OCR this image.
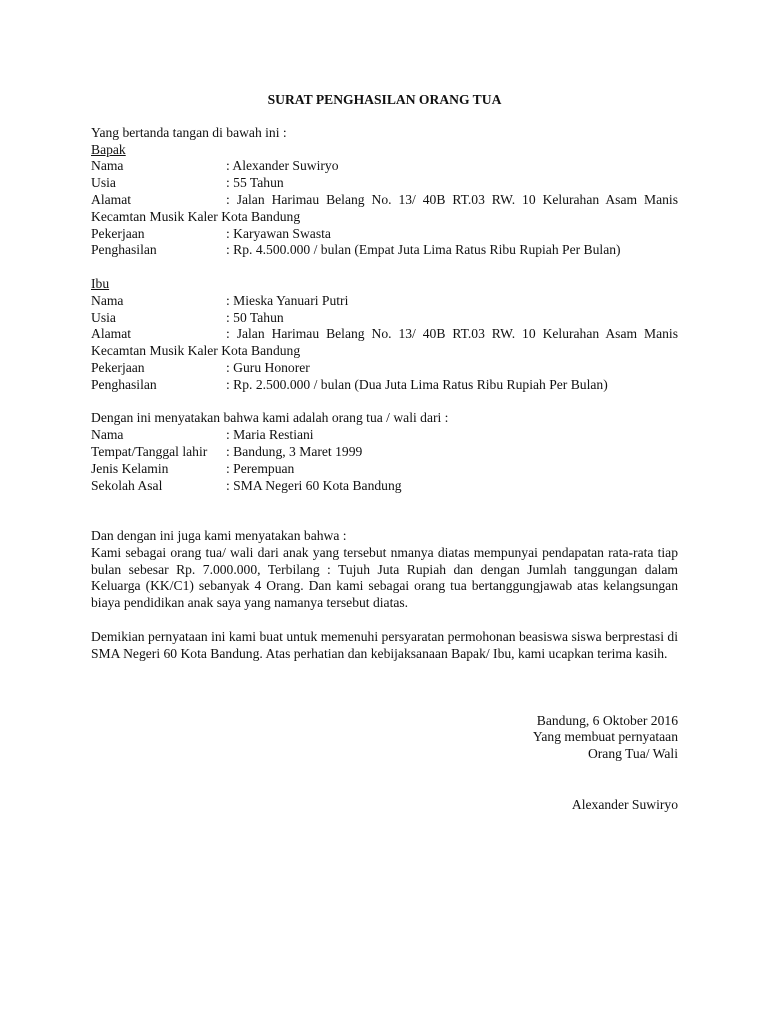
SURAT PENGHASILAN ORANG TUA

Yang bertanda tangan di bawah ini :

Bapak

Nama	: Alexander Suwiryo
Usia	: 55 Tahun
Alamat	: Jalan Harimau Belang No. 13/ 40B RT.03 RW. 10 Kelurahan Asam Manis

Kecamtan Musik Kaler Kota Bandung

Pekerjaan	: Karyawan Swasta
Penghasilan	: Rp. 4.500.000 / bulan (Empat Juta Lima Ratus Ribu Rupiah Per Bulan)

Ibu

Nama	: Mieska Yanuari Putri
Usia	: 50 Tahun
Alamat	: Jalan Harimau Belang No. 13/ 40B RT.03 RW. 10 Kelurahan Asam Manis

Kecamtan Musik Kaler Kota Bandung

Pekerjaan	: Guru Honorer
Penghasilan	: Rp. 2.500.000 / bulan (Dua Juta Lima Ratus Ribu Rupiah Per Bulan)

Dengan ini menyatakan bahwa kami adalah orang tua / wali dari :

Nama	: Maria Restiani
Tempat/Tanggal lahir	: Bandung, 3 Maret 1999
Jenis Kelamin	: Perempuan
Sekolah Asal	: SMA Negeri 60 Kota Bandung

Dan dengan ini juga kami menyatakan bahwa :

Kami sebagai orang tua/ wali dari anak yang tersebut nmanya diatas mempunyai pendapatan rata-rata tiap bulan sebesar Rp. 7.000.000, Terbilang : Tujuh Juta Rupiah dan dengan Jumlah tanggungan dalam Keluarga (KK/C1) sebanyak 4 Orang. Dan kami sebagai orang tua bertanggungjawab atas kelangsungan biaya pendidikan anak saya yang namanya tersebut diatas.

Demikian pernyataan ini kami buat untuk memenuhi persyaratan permohonan beasiswa siswa berprestasi di SMA Negeri 60 Kota Bandung. Atas perhatian dan kebijaksanaan Bapak/ Ibu, kami ucapkan terima kasih.

Bandung, 6 Oktober 2016

Yang membuat pernyataan

Orang Tua/ Wali

Alexander Suwiryo
